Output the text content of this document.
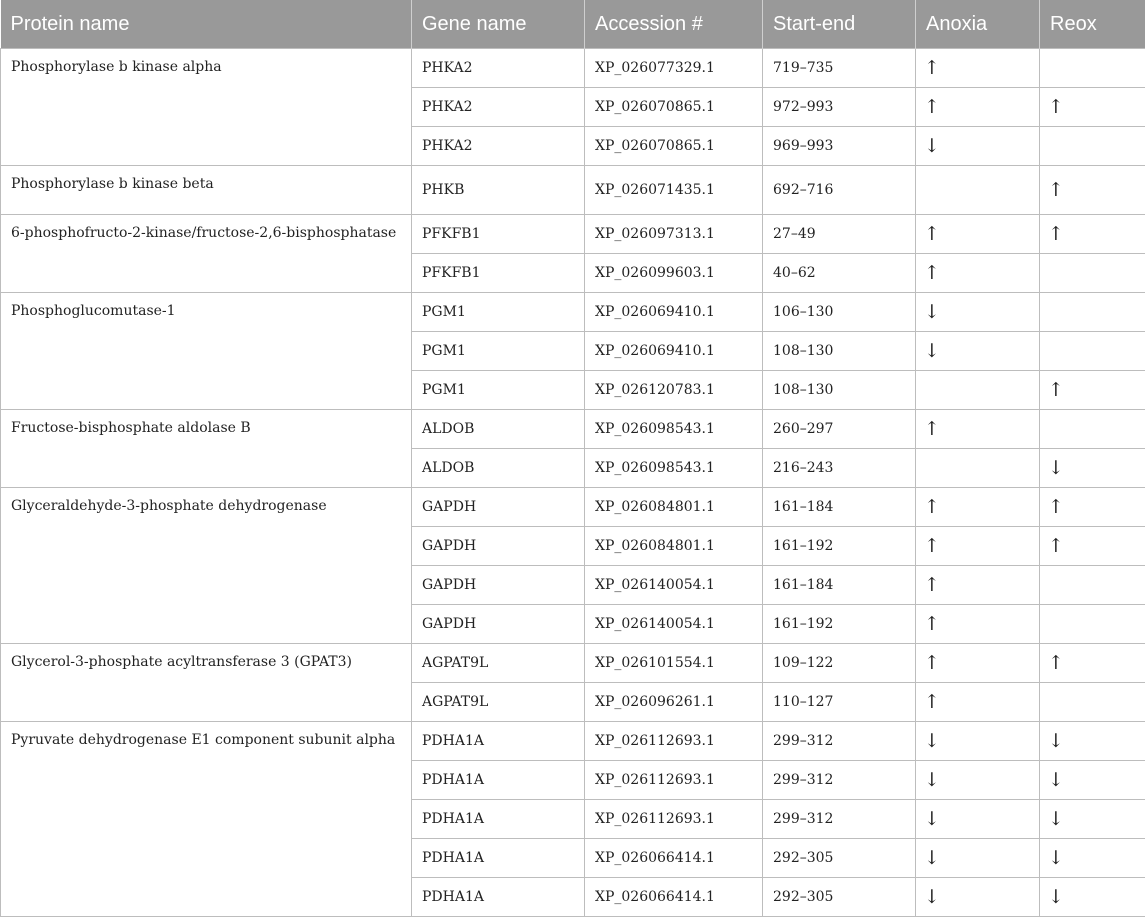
Protein name	Gene name	Accession #	Start-end	Anoxia	Reox
Phosphorylase b kinase alpha	PHKA2	XP_026077329.1	719–735	↑	
	PHKA2	XP_026070865.1	972–993	↑	↑
	PHKA2	XP_026070865.1	969–993	↓	
Phosphorylase b kinase beta	PHKB	XP_026071435.1	692–716		↑
6-phosphofructo-2-kinase/fructose-2,6-bisphosphatase	PFKFB1	XP_026097313.1	27–49	↑	↑
	PFKFB1	XP_026099603.1	40–62	↑	
Phosphoglucomutase-1	PGM1	XP_026069410.1	106–130	↓	
	PGM1	XP_026069410.1	108–130	↓	
	PGM1	XP_026120783.1	108–130		↑
Fructose-bisphosphate aldolase B	ALDOB	XP_026098543.1	260–297	↑	
	ALDOB	XP_026098543.1	216–243		↓
Glyceraldehyde-3-phosphate dehydrogenase	GAPDH	XP_026084801.1	161–184	↑	↑
	GAPDH	XP_026084801.1	161–192	↑	↑
	GAPDH	XP_026140054.1	161–184	↑	
	GAPDH	XP_026140054.1	161–192	↑	
Glycerol-3-phosphate acyltransferase 3 (GPAT3)	AGPAT9L	XP_026101554.1	109–122	↑	↑
	AGPAT9L	XP_026096261.1	110–127	↑	
Pyruvate dehydrogenase E1 component subunit alpha	PDHA1A	XP_026112693.1	299–312	↓	↓
	PDHA1A	XP_026112693.1	299–312	↓	↓
	PDHA1A	XP_026112693.1	299–312	↓	↓
	PDHA1A	XP_026066414.1	292–305	↓	↓
	PDHA1A	XP_026066414.1	292–305	↓	↓
